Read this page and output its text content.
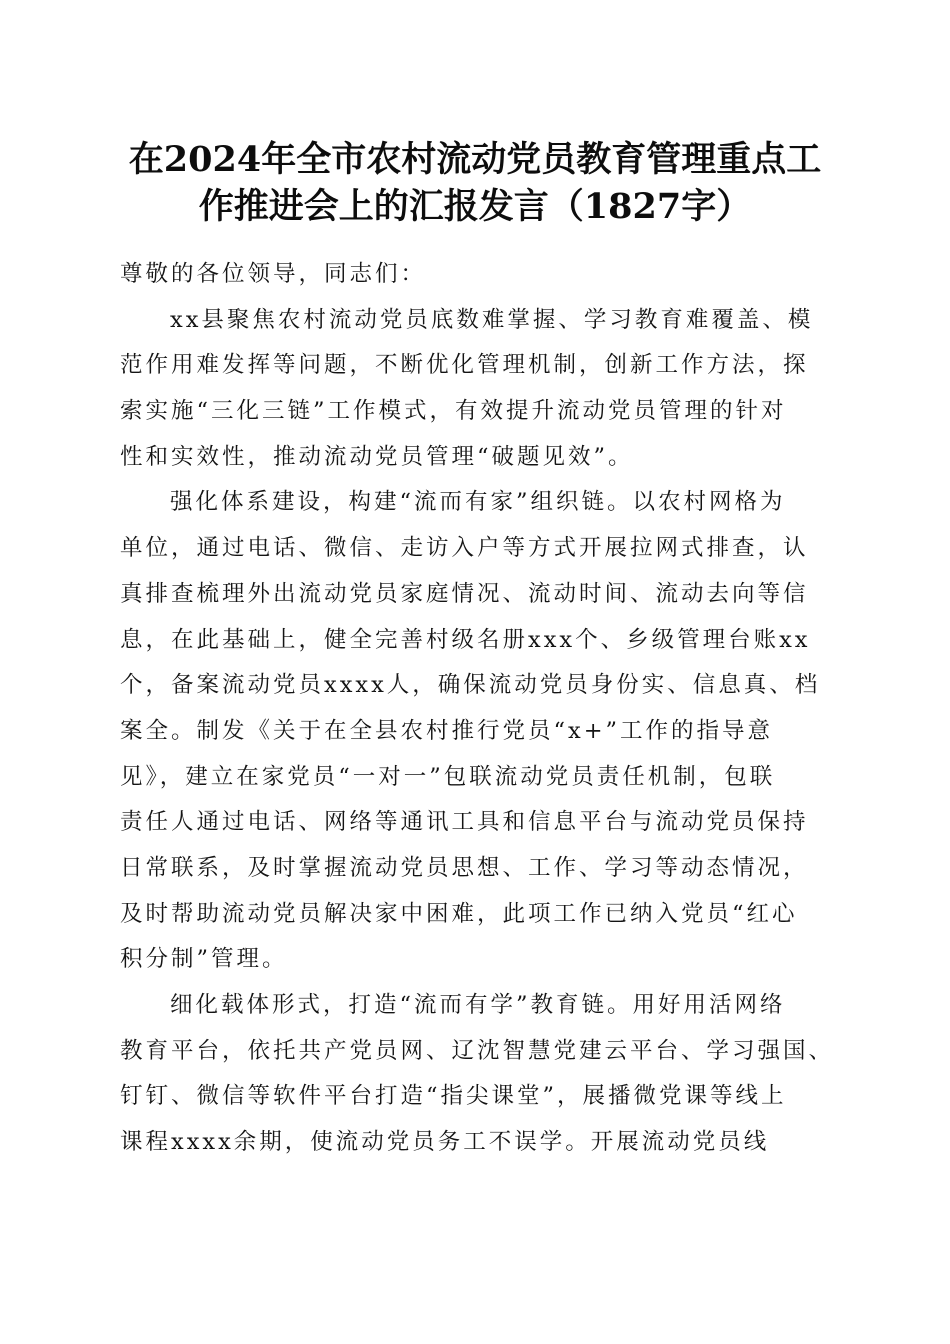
在2024年全市农村流动党员教育管理重点工
作推进会上的汇报发言（1827字）
尊敬的各位领导，同志们：
xx县聚焦农村流动党员底数难掌握、学习教育难覆盖、模
范作用难发挥等问题，不断优化管理机制，创新工作方法，探
索实施“三化三链”工作模式，有效提升流动党员管理的针对
性和实效性，推动流动党员管理“破题见效”。
强化体系建设，构建“流而有家”组织链。以农村网格为
单位，通过电话、微信、走访入户等方式开展拉网式排查，认
真排查梳理外出流动党员家庭情况、流动时间、流动去向等信
息，在此基础上，健全完善村级名册xxx个、乡级管理台账xx
个，备案流动党员xxxx人，确保流动党员身份实、信息真、档
案全。制发《关于在全县农村推行党员“x+”工作的指导意
见》，建立在家党员“一对一”包联流动党员责任机制，包联
责任人通过电话、网络等通讯工具和信息平台与流动党员保持
日常联系，及时掌握流动党员思想、工作、学习等动态情况，
及时帮助流动党员解决家中困难，此项工作已纳入党员“红心
积分制”管理。
细化载体形式，打造“流而有学”教育链。用好用活网络
教育平台，依托共产党员网、辽沈智慧党建云平台、学习强国、
钉钉、微信等软件平台打造“指尖课堂”，展播微党课等线上
课程xxxx余期，使流动党员务工不误学。开展流动党员线
